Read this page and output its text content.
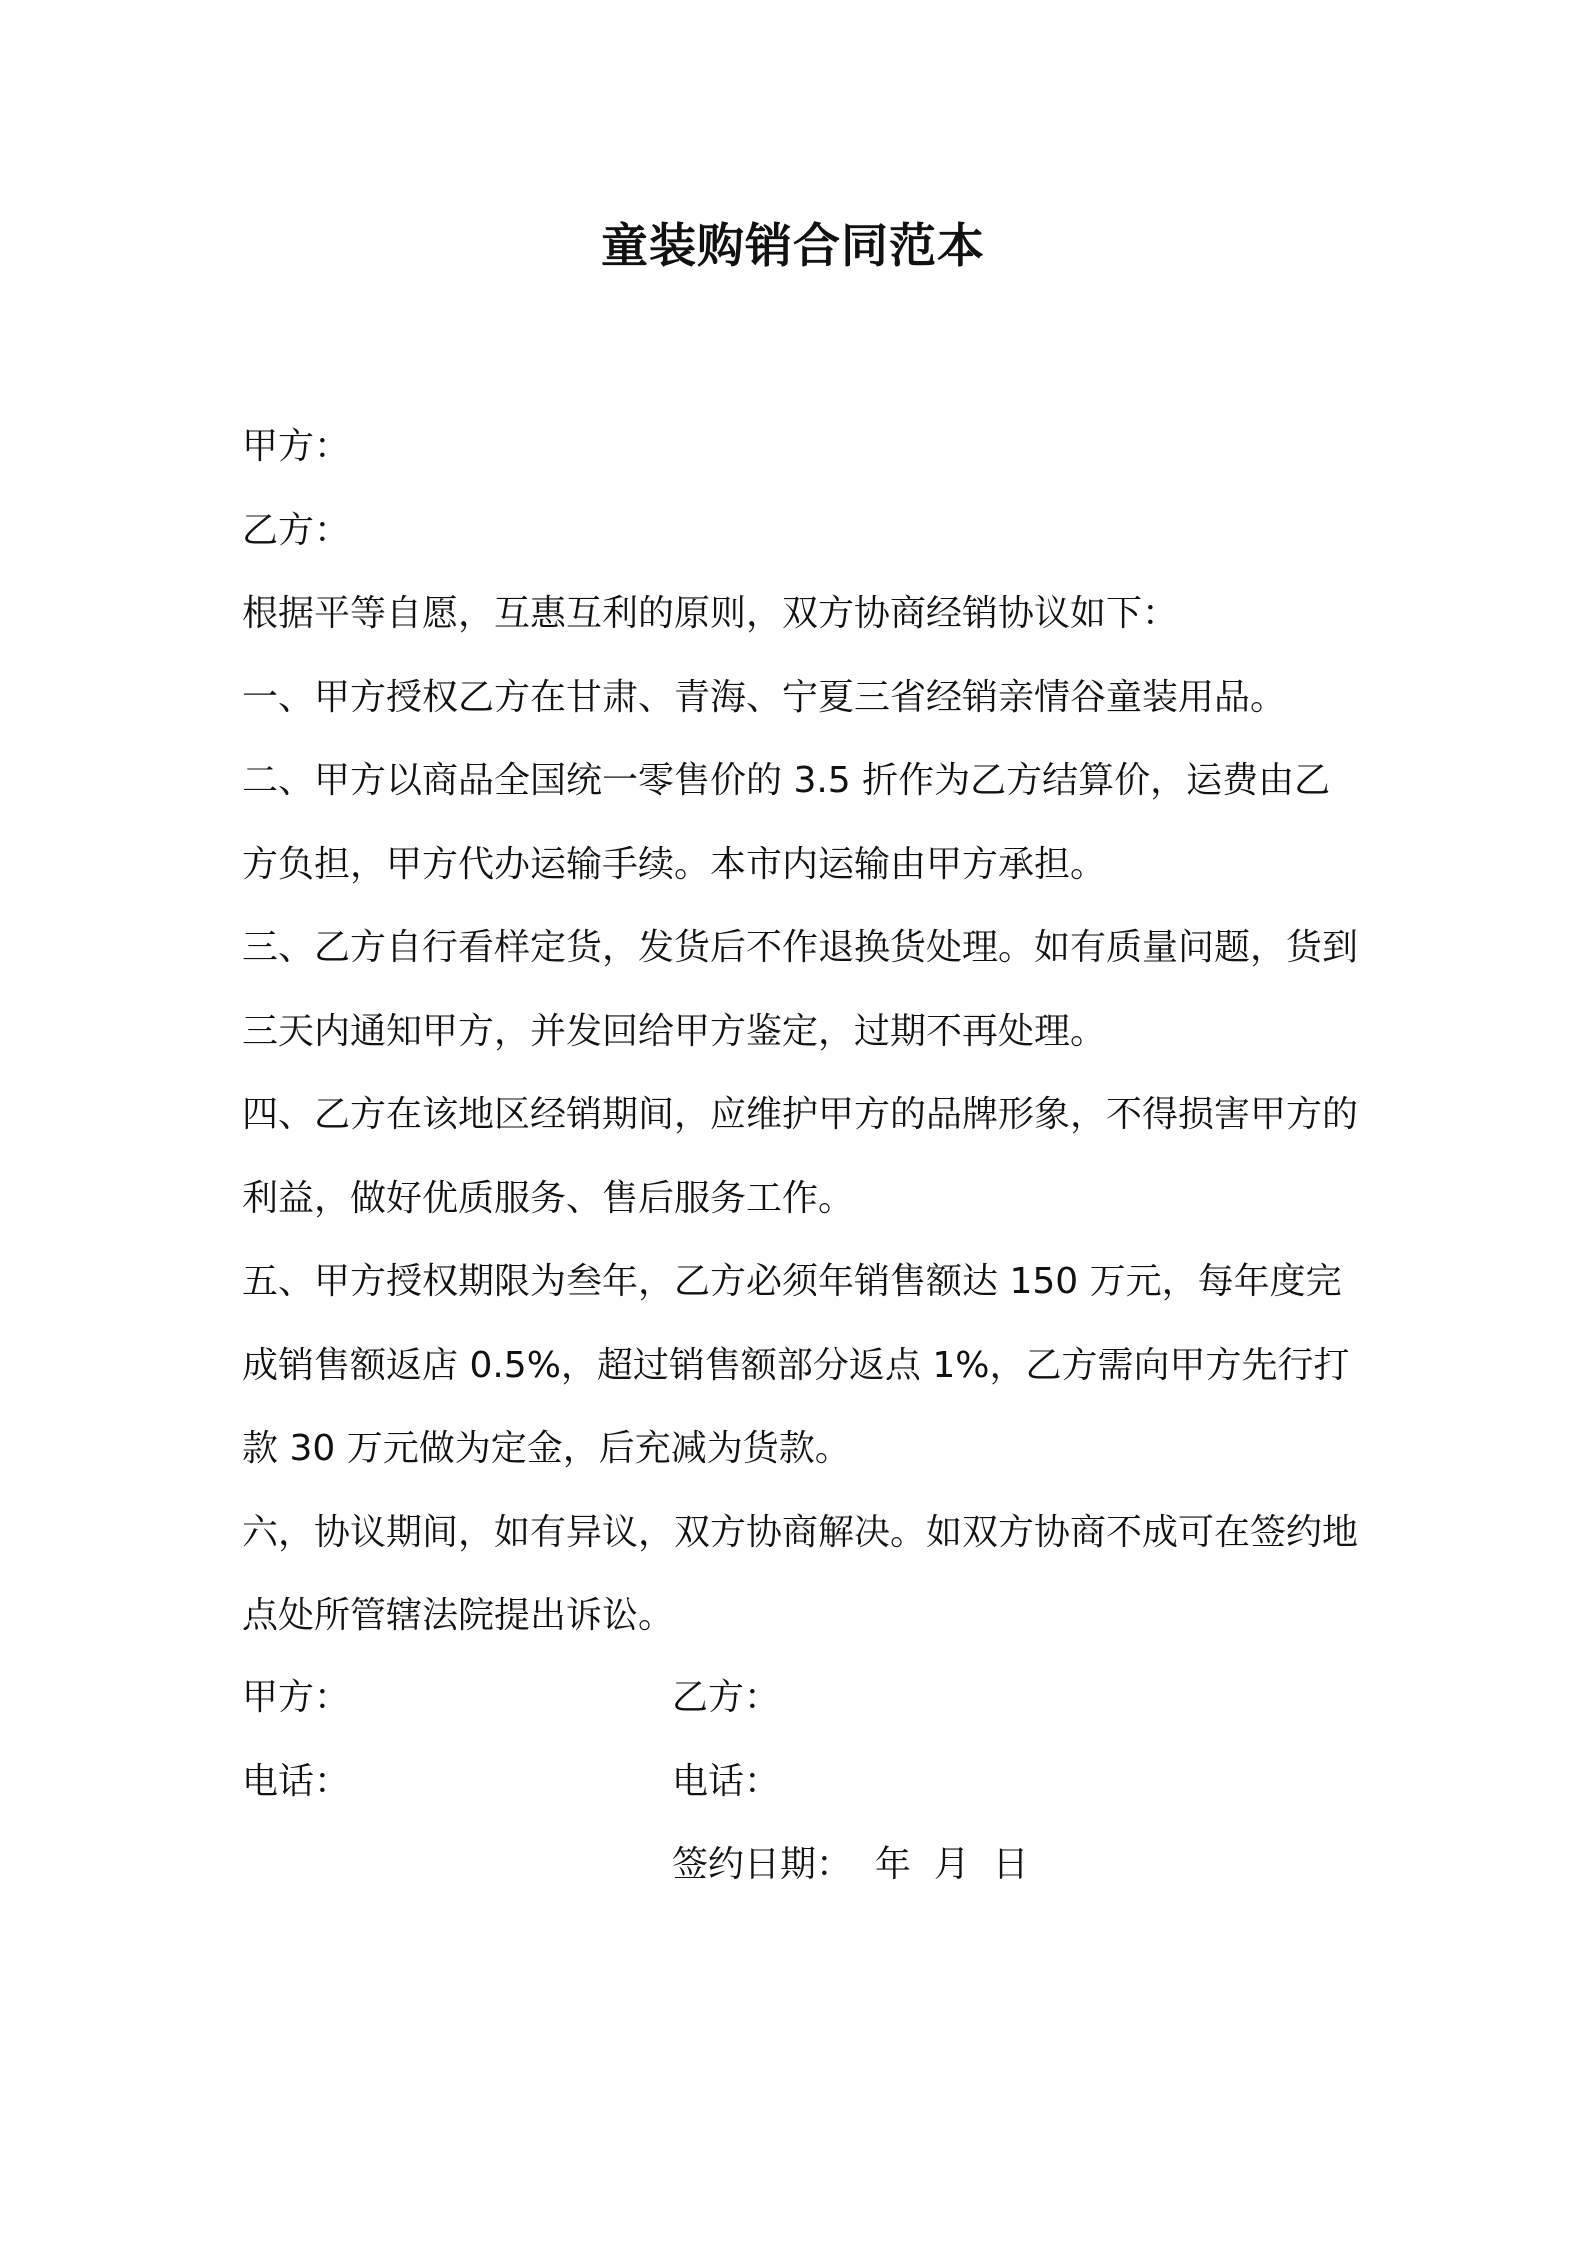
童装购销合同范本

甲方：

乙方：

根据平等自愿，互惠互利的原则，双方协商经销协议如下：

一、甲方授权乙方在甘肃、青海、宁夏三省经销亲情谷童装用品。

二、甲方以商品全国统一零售价的 3.5 折作为乙方结算价，运费由乙方负担，甲方代办运输手续。本市内运输由甲方承担。

三、乙方自行看样定货，发货后不作退换货处理。如有质量问题，货到三天内通知甲方，并发回给甲方鉴定，过期不再处理。

四、乙方在该地区经销期间，应维护甲方的品牌形象，不得损害甲方的利益，做好优质服务、售后服务工作。

五、甲方授权期限为叁年，乙方必须年销售额达 150 万元，每年度完成销售额返店 0.5%，超过销售额部分返点 1%，乙方需向甲方先行打款 30 万元做为定金，后充减为货款。

六，协议期间，如有异议，双方协商解决。如双方协商不成可在签约地点处所管辖法院提出诉讼。

甲方：	乙方：
电话：	电话：
签约日期：  年  月  日
